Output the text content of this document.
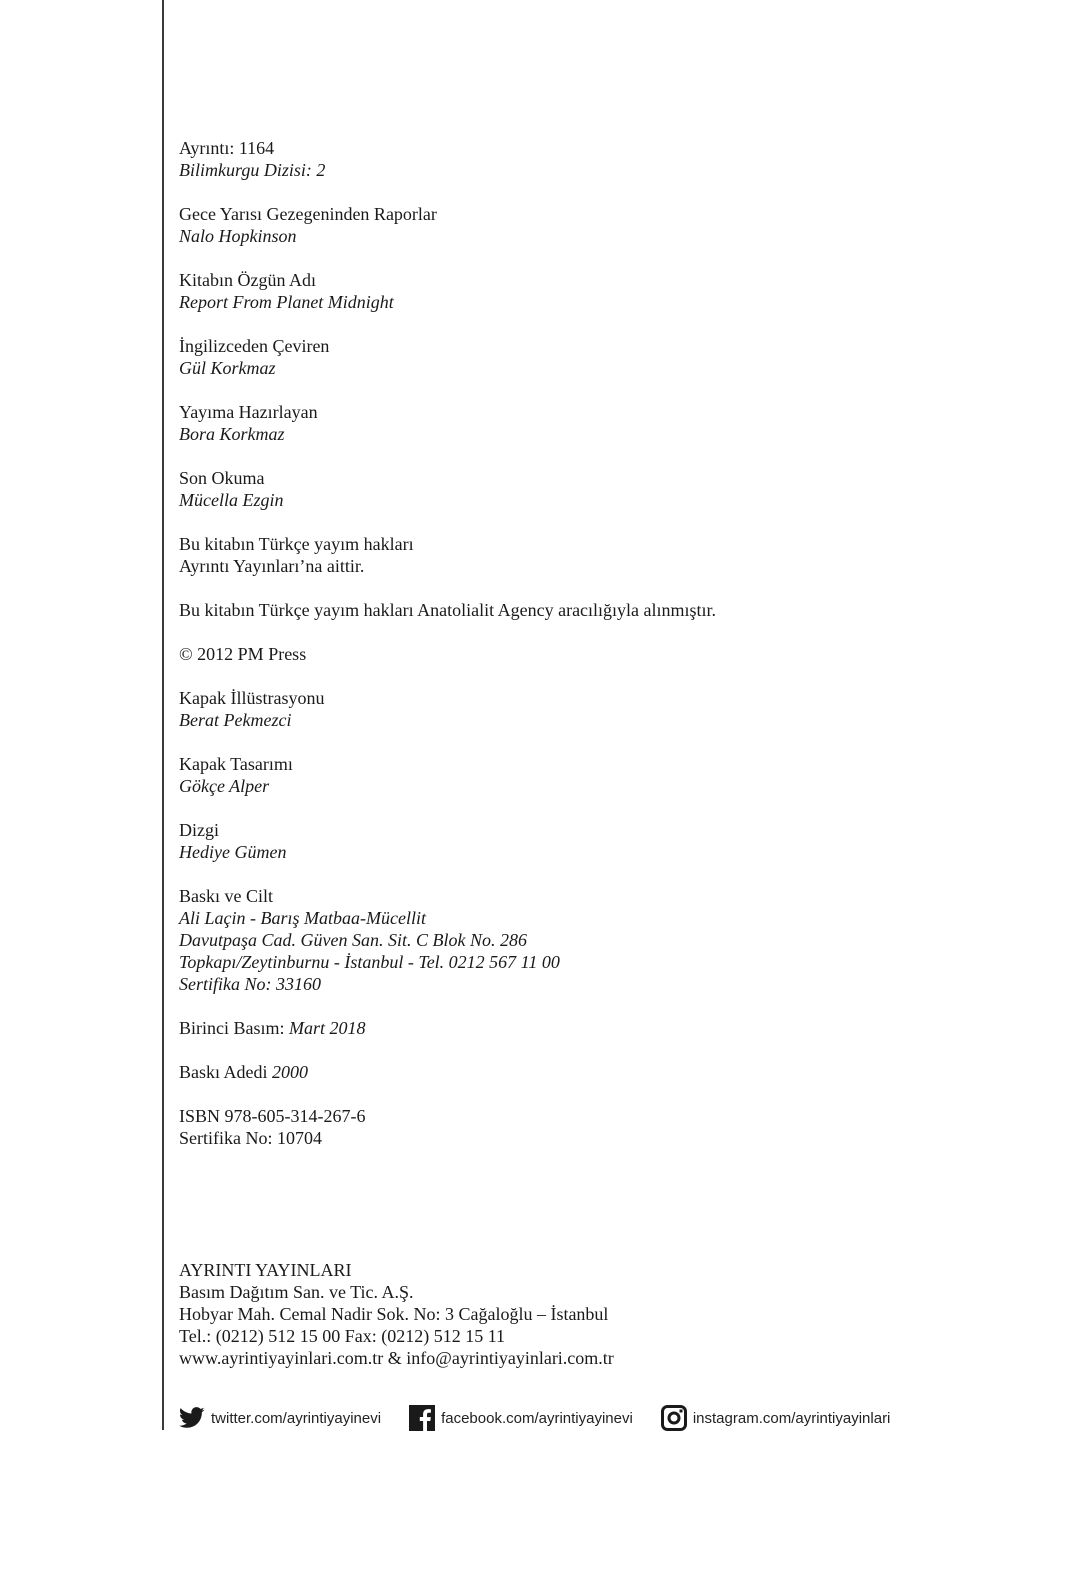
Ayrıntı: 1164
Bilimkurgu Dizisi: 2
Gece Yarısı Gezegeninden Raporlar
Nalo Hopkinson
Kitabın Özgün Adı
Report From Planet Midnight
İngilizceden Çeviren
Gül Korkmaz
Yayıma Hazırlayan
Bora Korkmaz
Son Okuma
Mücella Ezgin
Bu kitabın Türkçe yayım hakları
Ayrıntı Yayınları’na aittir.
Bu kitabın Türkçe yayım hakları Anatolialit Agency aracılığıyla alınmıştır.
© 2012 PM Press
Kapak İllüstrasyonu
Berat Pekmezci
Kapak Tasarımı
Gökçe Alper
Dizgi
Hediye Gümen
Baskı ve Cilt
Ali Laçin - Barış Matbaa-Mücellit
Davutpaşa Cad. Güven San. Sit. C Blok No. 286
Topkapı/Zeytinburnu - İstanbul - Tel. 0212 567 11 00
Sertifika No: 33160
Birinci Basım: Mart 2018
Baskı Adedi 2000
ISBN 978-605-314-267-6
Sertifika No: 10704
AYRINTI YAYINLARI
Basım Dağıtım San. ve Tic. A.Ş.
Hobyar Mah. Cemal Nadir Sok. No: 3 Cağaloğlu – İstanbul
Tel.: (0212) 512 15 00 Fax: (0212) 512 15 11
www.ayrintiyayinlari.com.tr & info@ayrintiyayinlari.com.tr
twitter.com/ayrintiyayinevi	facebook.com/ayrintiyayinevi	instagram.com/ayrintiyayinlari
